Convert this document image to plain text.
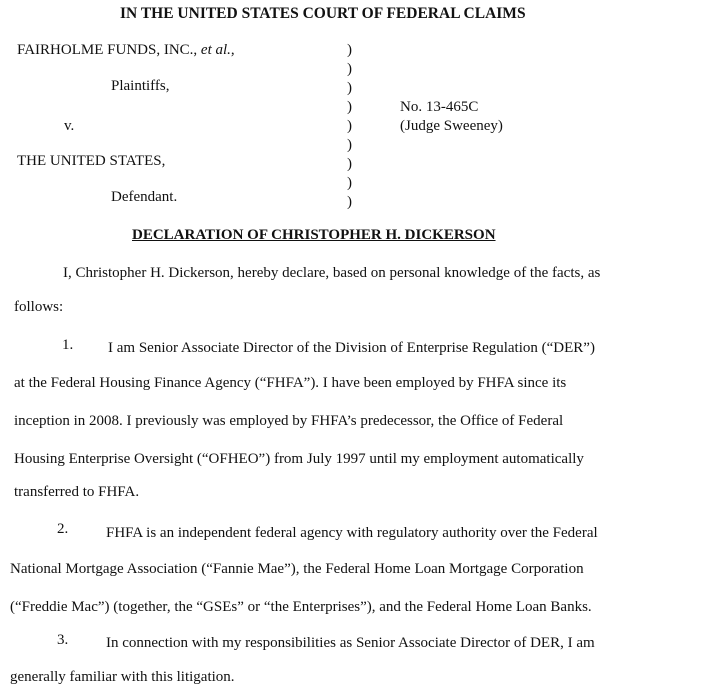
IN THE UNITED STATES COURT OF FEDERAL CLAIMS
FAIRHOLME FUNDS, INC., et al.,
Plaintiffs,
v.
THE UNITED STATES,
Defendant.
)
)
)
)
)
)
)
)
)
No. 13-465C
(Judge Sweeney)
DECLARATION OF CHRISTOPHER H. DICKERSON
I, Christopher H. Dickerson, hereby declare, based on personal knowledge of the facts, as
follows:
1. I am Senior Associate Director of the Division of Enterprise Regulation (“DER”)
at the Federal Housing Finance Agency (“FHFA”). I have been employed by FHFA since its
inception in 2008. I previously was employed by FHFA’s predecessor, the Office of Federal
Housing Enterprise Oversight (“OFHEO”) from July 1997 until my employment automatically
transferred to FHFA.
2.	FHFA is an independent federal agency with regulatory authority over the Federal
National Mortgage Association (“Fannie Mae”), the Federal Home Loan Mortgage Corporation
(“Freddie Mac”) (together, the “GSEs” or “the Enterprises”), and the Federal Home Loan Banks.
3.	In connection with my responsibilities as Senior Associate Director of DER, I am
generally familiar with this litigation.
